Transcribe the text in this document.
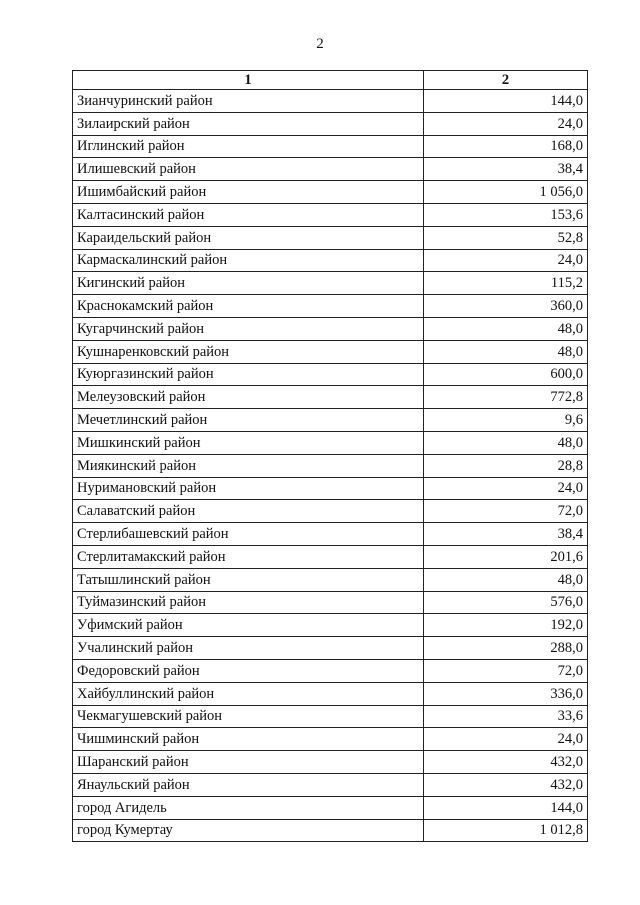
2
1	2
Зианчуринский район	144,0
Зилаирский район	24,0
Иглинский район	168,0
Илишевский район	38,4
Ишимбайский район	1 056,0
Калтасинский район	153,6
Караидельский район	52,8
Кармаскалинский район	24,0
Кигинский район	115,2
Краснокамский район	360,0
Кугарчинский район	48,0
Кушнаренковский район	48,0
Куюргазинский район	600,0
Мелеузовский район	772,8
Мечетлинский район	9,6
Мишкинский район	48,0
Миякинский район	28,8
Нуримановский район	24,0
Салаватский район	72,0
Стерлибашевский район	38,4
Стерлитамакский район	201,6
Татышлинский район	48,0
Туймазинский район	576,0
Уфимский район	192,0
Учалинский район	288,0
Федоровский район	72,0
Хайбуллинский район	336,0
Чекмагушевский район	33,6
Чишминский район	24,0
Шаранский район	432,0
Янаульский район	432,0
город Агидель	144,0
город Кумертау	1 012,8
